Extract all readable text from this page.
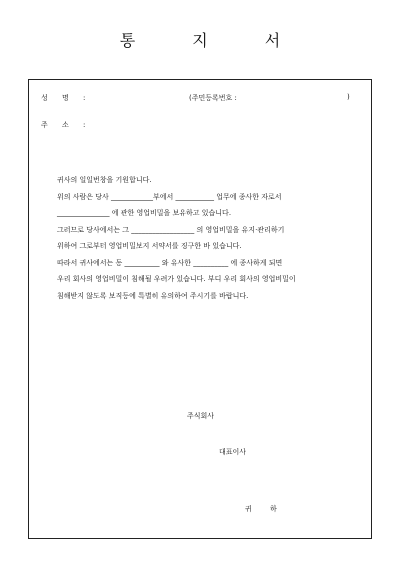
통 지 서
성 명 :	(주민등록번호 :	)
주 소 :
귀사의 일일번창을 기원합니다.
위의 사람은 당사 ____________부에서 ___________ 업무에 종사한 자로서
_______________ 에 관한 영업비밀을 보유하고 있습니다.
그러므로 당사에서는 그 __________________ 의 영업비밀을 유지·관리하기
위하여 그로부터 영업비밀보지 서약서를 징구한 바 있습니다.
따라서 귀사에서는 동 __________ 와 유사한 __________ 에 종사하게 되면
우리 회사의 영업비밀이 침해될 우려가 있습니다. 부디 우리 회사의 영업비밀이
침해받지 않도록 보직등에 특별히 유의하여 주시기를 바랍니다.
주식회사
대표이사
귀 하
